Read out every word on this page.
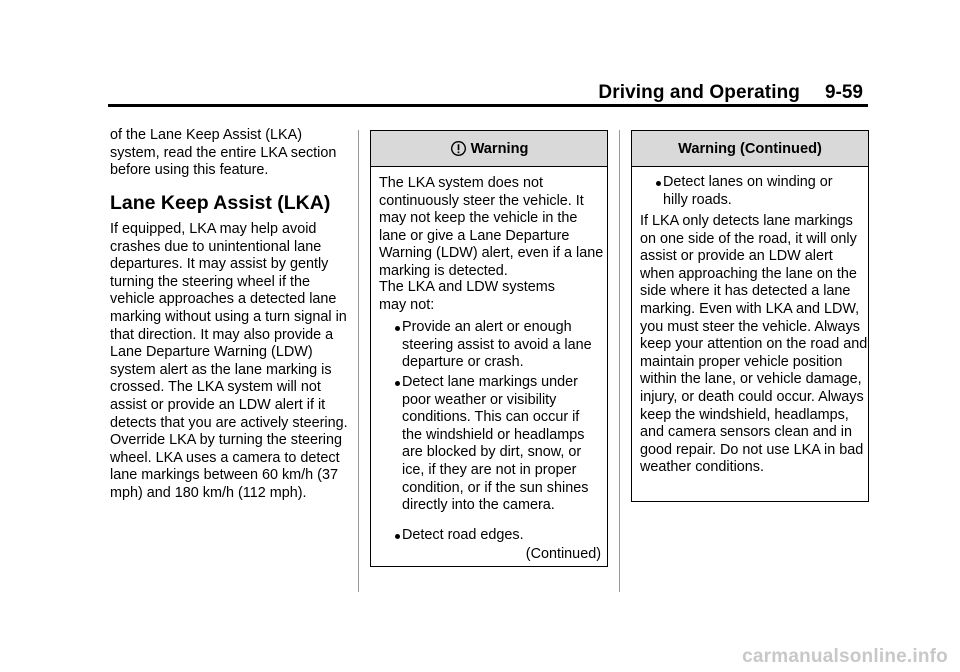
Driving and Operating 9-59

of the Lane Keep Assist (LKA) system, read the entire LKA section before using this feature.

Lane Keep Assist (LKA)

If equipped, LKA may help avoid crashes due to unintentional lane departures. It may assist by gently turning the steering wheel if the vehicle approaches a detected lane marking without using a turn signal in that direction. It may also provide a Lane Departure Warning (LDW) system alert as the lane marking is crossed. The LKA system will not assist or provide an LDW alert if it detects that you are actively steering. Override LKA by turning the steering wheel. LKA uses a camera to detect lane markings between 60 km/h (37 mph) and 180 km/h (112 mph).

Warning

The LKA system does not continuously steer the vehicle. It may not keep the vehicle in the lane or give a Lane Departure Warning (LDW) alert, even if a lane marking is detected.

The LKA and LDW systems may not:

Provide an alert or enough steering assist to avoid a lane departure or crash.
Detect lane markings under poor weather or visibility conditions. This can occur if the windshield or headlamps are blocked by dirt, snow, or ice, if they are not in proper condition, or if the sun shines directly into the camera.
Detect road edges.
(Continued)
Warning (Continued)
Detect lanes on winding or hilly roads.

If LKA only detects lane markings on one side of the road, it will only assist or provide an LDW alert when approaching the lane on the side where it has detected a lane marking. Even with LKA and LDW, you must steer the vehicle. Always keep your attention on the road and maintain proper vehicle position within the lane, or vehicle damage, injury, or death could occur. Always keep the windshield, headlamps, and camera sensors clean and in good repair. Do not use LKA in bad weather conditions.

carmanualsonline.info
